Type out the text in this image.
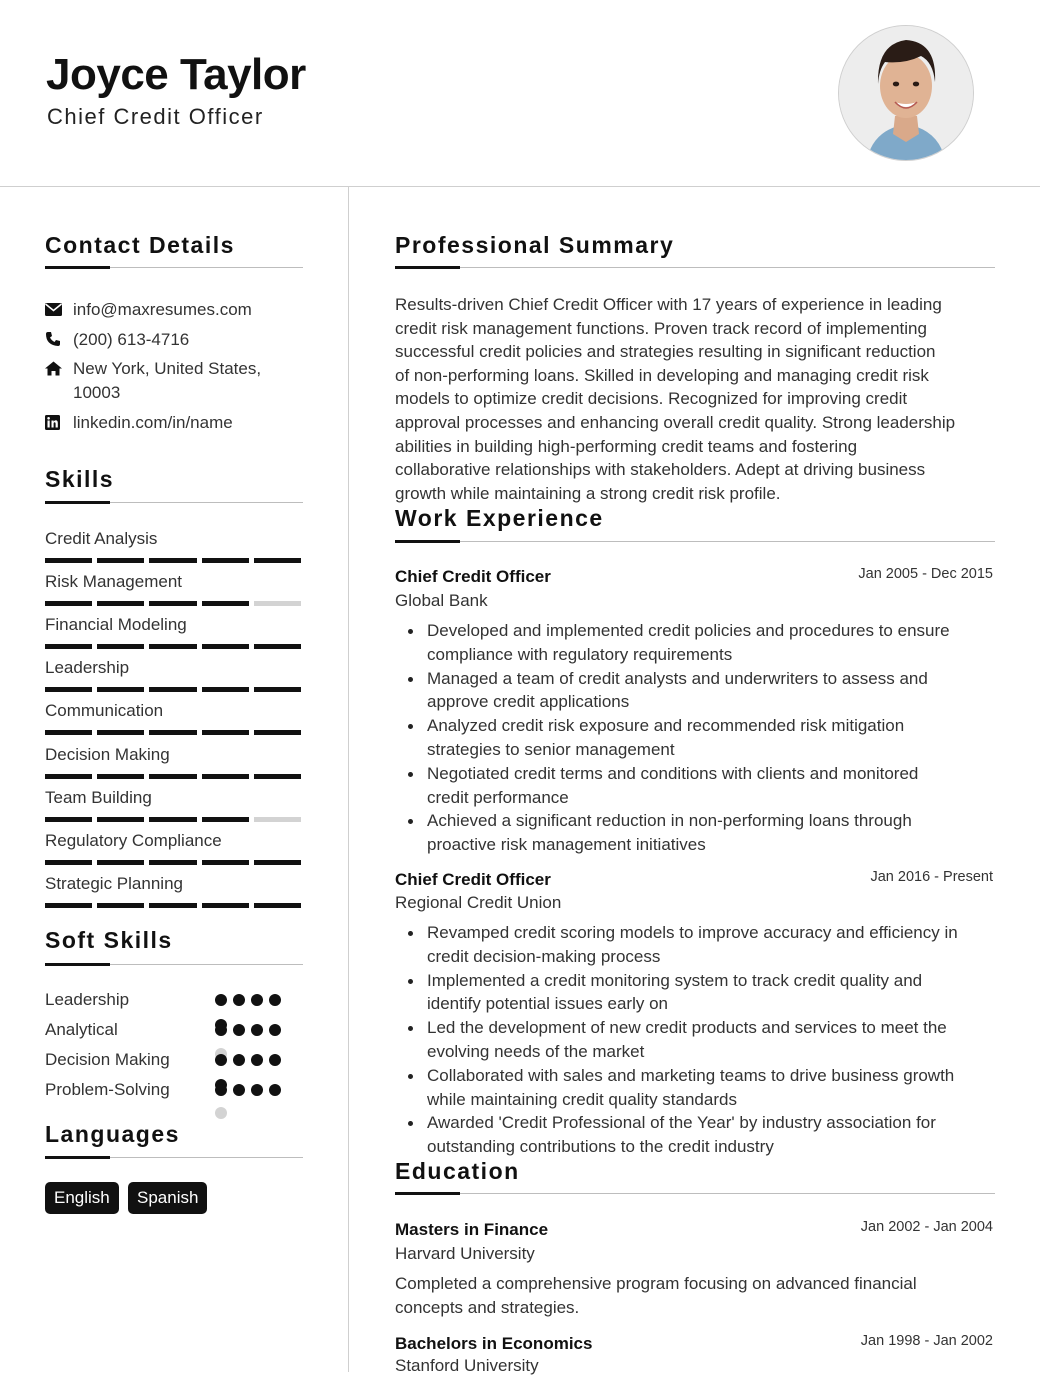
Joyce Taylor
Chief Credit Officer
Contact Details
info@maxresumes.com
(200) 613-4716
New York, United States,
10003
linkedin.com/in/name
Skills
Credit Analysis
Risk Management
Financial Modeling
Leadership
Communication
Decision Making
Team Building
Regulatory Compliance
Strategic Planning
Soft Skills
Leadership
Analytical
Decision Making
Problem-Solving
Languages
English	Spanish
Professional Summary
Results-driven Chief Credit Officer with 17 years of experience in leading
credit risk management functions. Proven track record of implementing
successful credit policies and strategies resulting in significant reduction
of non-performing loans. Skilled in developing and managing credit risk
models to optimize credit decisions. Recognized for improving credit
approval processes and enhancing overall credit quality. Strong leadership
abilities in building high-performing credit teams and fostering
collaborative relationships with stakeholders. Adept at driving business
growth while maintaining a strong credit risk profile.
Work Experience
Chief Credit Officer	Jan 2005 - Dec 2015
Global Bank
Developed and implemented credit policies and procedures to ensure
compliance with regulatory requirements
Managed a team of credit analysts and underwriters to assess and
approve credit applications
Analyzed credit risk exposure and recommended risk mitigation
strategies to senior management
Negotiated credit terms and conditions with clients and monitored
credit performance
Achieved a significant reduction in non-performing loans through
proactive risk management initiatives
Chief Credit Officer	Jan 2016 - Present
Regional Credit Union
Revamped credit scoring models to improve accuracy and efficiency in
credit decision-making process
Implemented a credit monitoring system to track credit quality and
identify potential issues early on
Led the development of new credit products and services to meet the
evolving needs of the market
Collaborated with sales and marketing teams to drive business growth
while maintaining credit quality standards
Awarded 'Credit Professional of the Year' by industry association for
outstanding contributions to the credit industry
Education
Masters in Finance	Jan 2002 - Jan 2004
Harvard University
Completed a comprehensive program focusing on advanced financial
concepts and strategies.
Bachelors in Economics	Jan 1998 - Jan 2002
Stanford University
